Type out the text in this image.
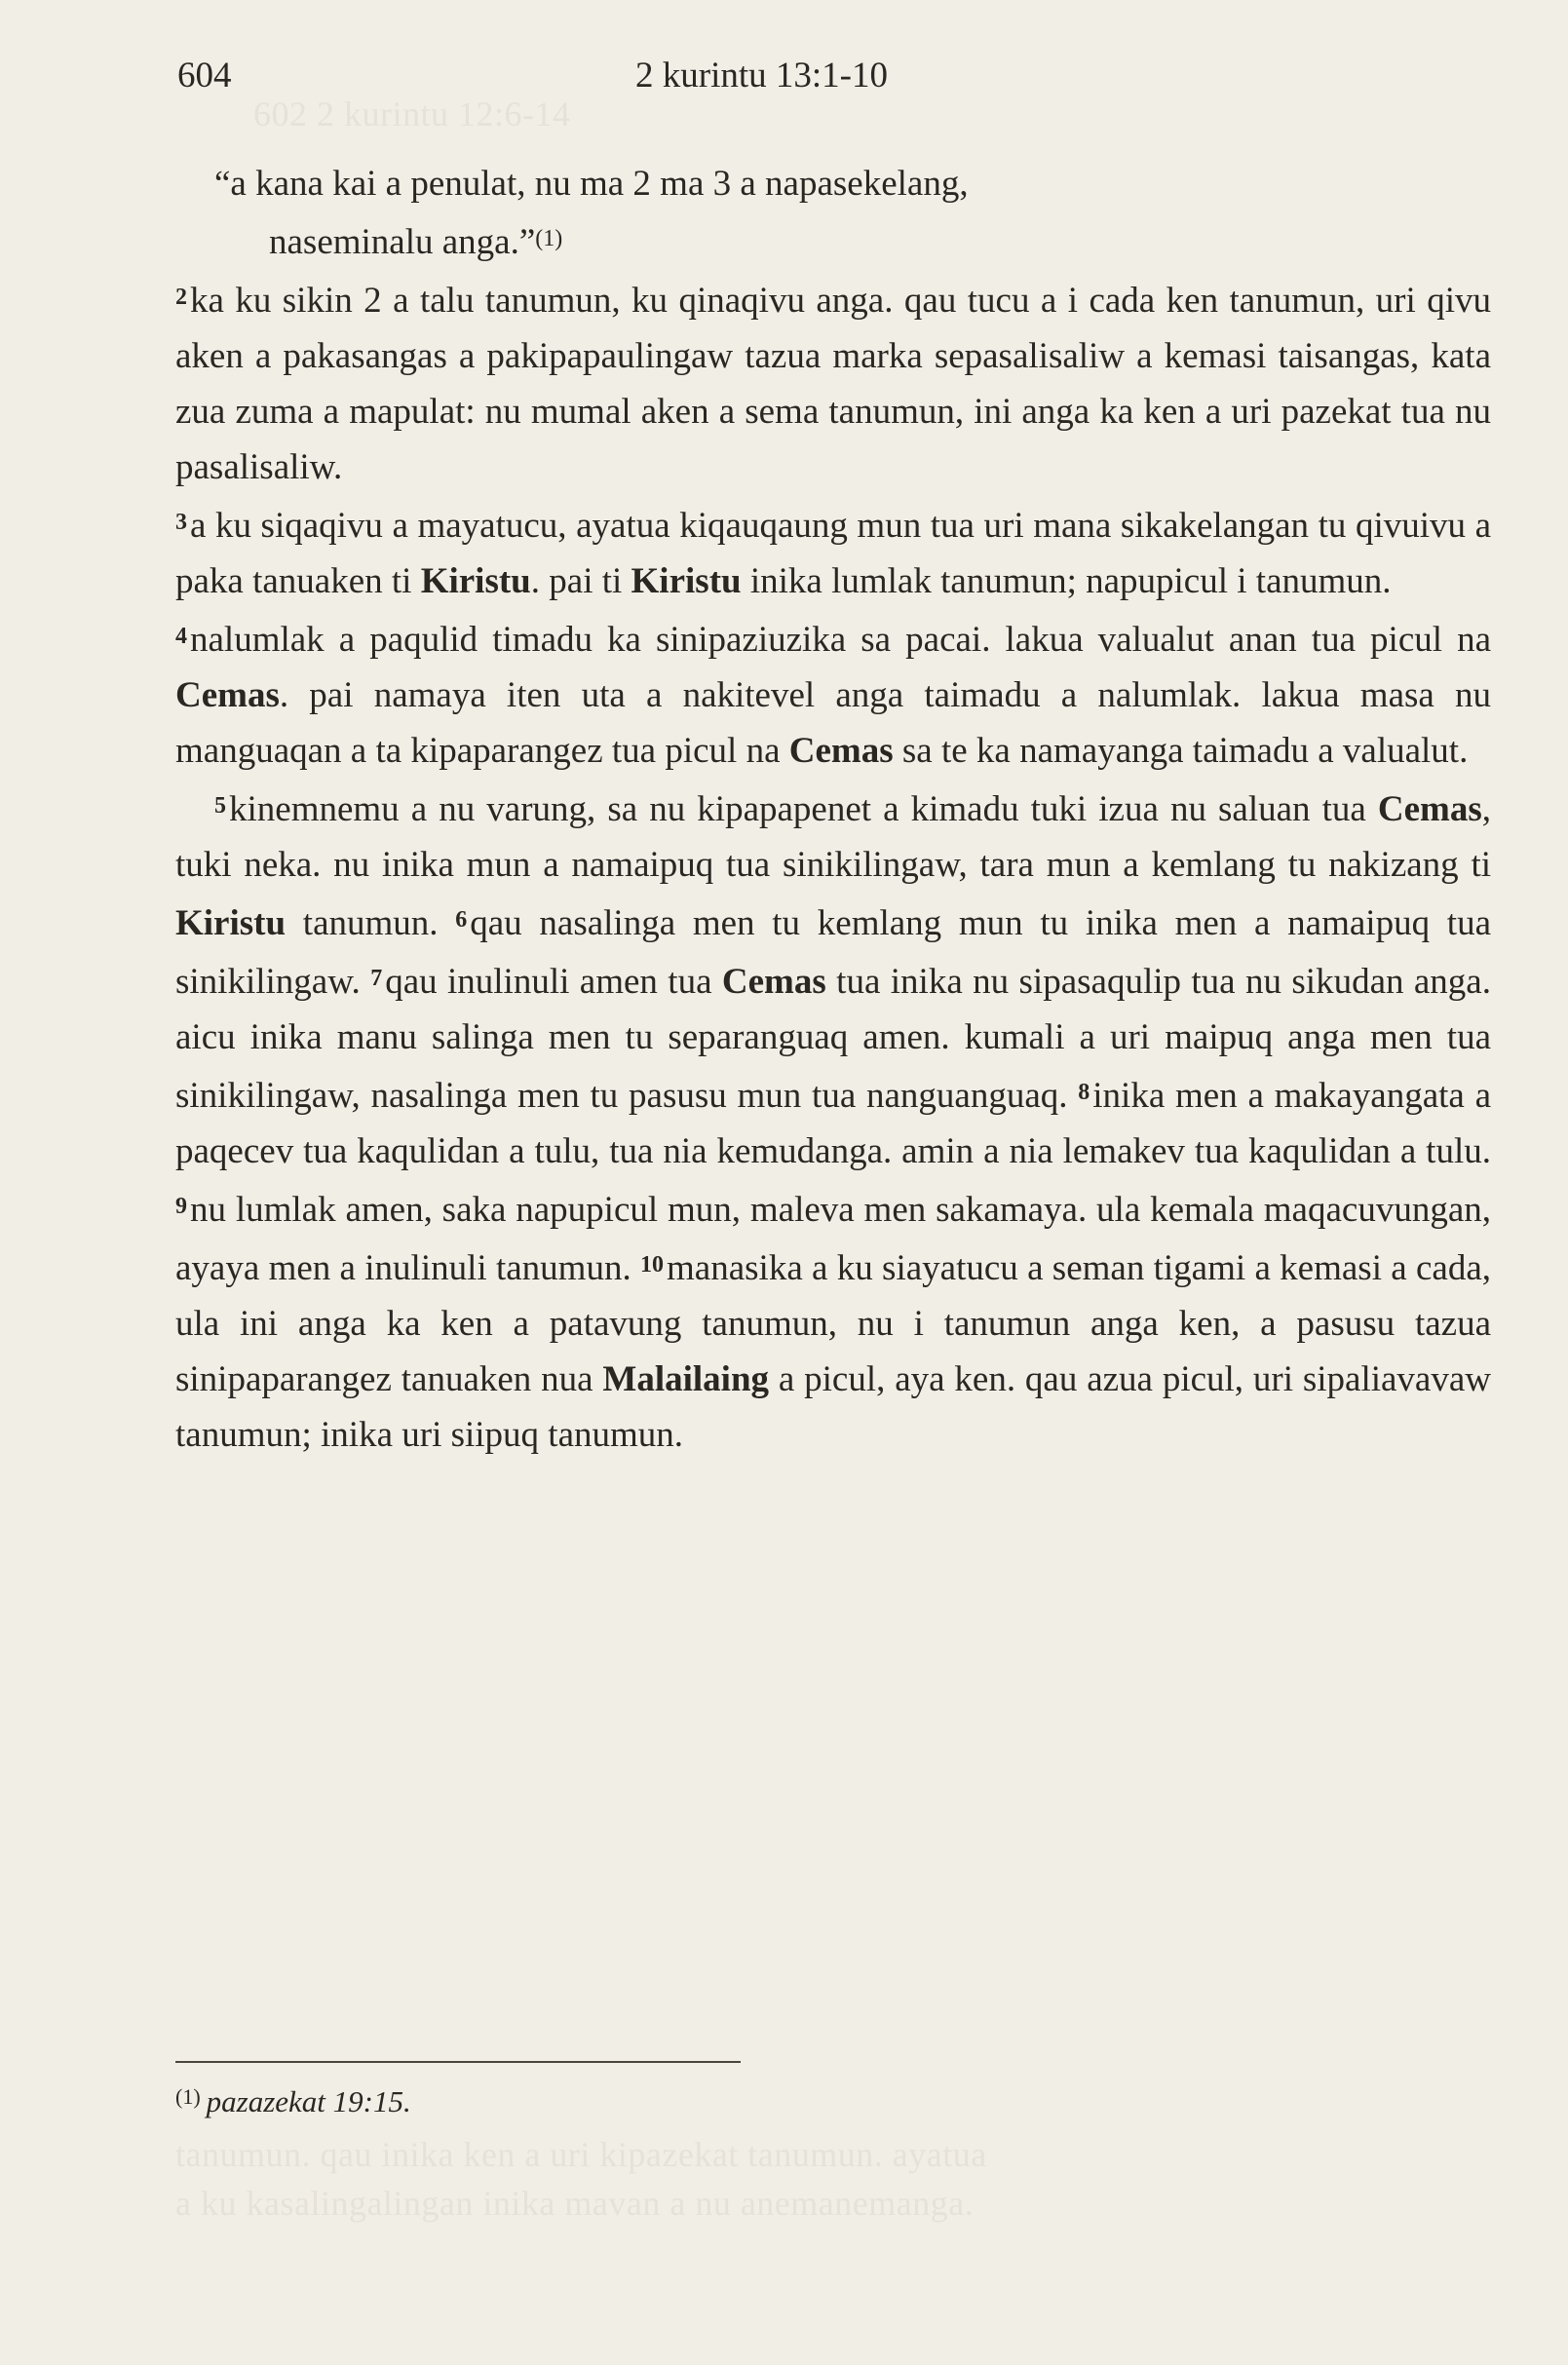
602 2 kurintu 12:6-14
604	2 kurintu 13:1-10

“a kana kai a penulat, nu ma 2 ma 3 a napasekelang,

naseminalu anga.”$^{(1)}$

$^2$ka ku sikin 2 a talu tanumun, ku qinaqivu anga. qau tucu a i cada ken tanumun, uri qivu aken a pakasangas a pakipapaulingaw tazua marka sepasalisaliw a kemasi taisangas, kata zua zuma a mapulat: nu mumal aken a sema tanumun, ini anga ka ken a uri pazekat tua nu pasalisaliw.

$^3$a ku siqaqivu a mayatucu, ayatua kiqauqaung mun tua uri mana sikakelangan tu qivuivu a paka tanuaken ti Kiristu. pai ti Kiristu inika lumlak tanumun; napupicul i tanumun.

$^4$nalumlak a paqulid timadu ka sinipaziuzika sa pacai. lakua valualut anan tua picul na Cemas. pai namaya iten uta a nakitevel anga taimadu a nalumlak. lakua masa nu manguaqan a ta kipaparangez tua picul na Cemas sa te ka namayanga taimadu a valualut.

$^5$kinemnemu a nu varung, sa nu kipapapenet a kimadu tuki izua nu saluan tua Cemas, tuki neka. nu inika mun a namaipuq tua sinikilingaw, tara mun a kemlang tu nakizang ti Kiristu tanumun. $^6$qau nasalinga men tu kemlang mun tu inika men a namaipuq tua sinikilingaw. $^7$qau inulinuli amen tua Cemas tua inika nu sipasaqulip tua nu sikudan anga. aicu inika manu salinga men tu separanguaq amen. kumali a uri maipuq anga men tua sinikilingaw, nasalinga men tu pasusu mun tua nanguanguaq. $^8$inika men a makayangata a paqecev tua kaqulidan a tulu, tua nia kemudanga. amin a nia lemakev tua kaqulidan a tulu. $^9$nu lumlak amen, saka napupicul mun, maleva men sakamaya. ula kemala maqacuvungan, ayaya men a inulinuli tanumun. $^{10}$manasika a ku siayatucu a seman tigami a kemasi a cada, ula ini anga ka ken a patavung tanumun, nu i tanumun anga ken, a pasusu tazua sinipaparangez tanuaken nua Malailaing a picul, aya ken. qau azua picul, uri sipaliavavaw tanumun; inika uri siipuq tanumun.

$^{(1)}$ pazazekat 19:15.
tanumun. qau inika ken a uri kipazekat tanumun. ayatua
a ku kasalingalingan inika mavan a nu anemanemanga.
